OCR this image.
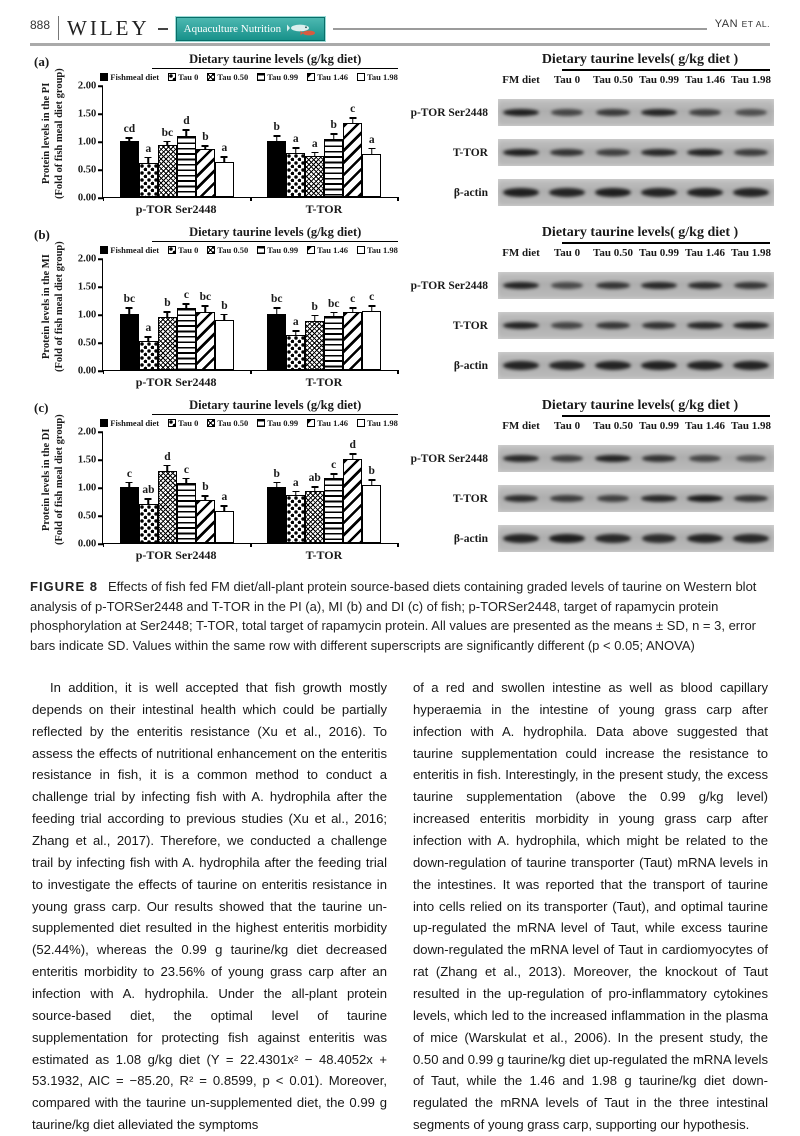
888 WILEY	Aquaculture Nutrition	YAN ET AL.
(a)
Protein levels in the PI (Fold of fish meal diet group)
Dietary taurine levels (g/kg diet)
Fishmeal diet Tau 0 Tau 0.50 Tau 0.99 Tau 1.46 Tau 1.98
0.00
0.50
1.00
1.50
2.00
cd
a
bc
d
b
a
b
a a
b
c
a
p-TOR Ser2448	T-TOR
Dietary taurine levels( g/kg diet )
FM diet	Tau 0	Tau 0.50 Tau 0.99 Tau 1.46 Tau 1.98
p-TOR Ser2448
T-TOR
β-actin
(b)
Protein levels in the MI (Fold of fish meal diet group)
Dietary taurine levels (g/kg diet)
Fishmeal diet Tau 0 Tau 0.50 Tau 0.99 Tau 1.46 Tau 1.98
0.00
0.50
1.00
1.50
2.00
bc
a
b
c bc
b
bc
a
b bc c c
p-TOR Ser2448	T-TOR
Dietary taurine levels( g/kg diet )
FM diet	Tau 0	Tau 0.50 Tau 0.99 Tau 1.46 Tau 1.98
p-TOR Ser2448
T-TOR
β-actin
(c)
Protein levels in the DI (Fold of fish meal diet group)
Dietary taurine levels (g/kg diet)
Fishmeal diet Tau 0 Tau 0.50 Tau 0.99 Tau 1.46 Tau 1.98
0.00
0.50
1.00
1.50
2.00
c
ab
d
c
b
a
b
a ab
c
d
b
p-TOR Ser2448	T-TOR
Dietary taurine levels( g/kg diet )
FM diet	Tau 0	Tau 0.50 Tau 0.99 Tau 1.46 Tau 1.98
p-TOR Ser2448
T-TOR
β-actin

FIGURE 8 Effects of fish fed FM diet/all-plant protein source-based diets containing graded levels of taurine on Western blot analysis of p-TORSer2448 and T-TOR in the PI (a), MI (b) and DI (c) of fish; p-TORSer2448, target of rapamycin protein phosphorylation at Ser2448; T-TOR, total target of rapamycin protein. All values are presented as the means ± SD, n = 3, error bars indicate SD. Values within the same row with different superscripts are significantly different (p < 0.05; ANOVA)

In addition, it is well accepted that fish growth mostly depends on their intestinal health which could be partially reflected by the enteritis resistance (Xu et al., 2016). To assess the effects of nutritional enhancement on the enteritis resistance in fish, it is a common method to conduct a challenge trial by infecting fish with A. hydrophila after the feeding trial according to previous studies (Xu et al., 2016; Zhang et al., 2017). Therefore, we conducted a challenge trail by infecting fish with A. hydrophila after the feeding trial to investigate the effects of taurine on enteritis resistance in young grass carp. Our results showed that the taurine un-supplemented diet resulted in the highest enteritis morbidity (52.44%), whereas the 0.99 g taurine/kg diet decreased enteritis morbidity to 23.56% of young grass carp after an infection with A. hydrophila. Under the all-plant protein source-based diet, the optimal level of taurine supplementation for protecting fish against enteritis was estimated as 1.08 g/kg diet (Y = 22.4301x² − 48.4052x + 53.1932, AIC = −85.20, R² = 0.8599, p < 0.01). Moreover, compared with the taurine un-supplemented diet, the 0.99 g taurine/kg diet alleviated the symptoms

of a red and swollen intestine as well as blood capillary hyperaemia in the intestine of young grass carp after infection with A. hydrophila. Data above suggested that taurine supplementation could increase the resistance to enteritis in fish. Interestingly, in the present study, the excess taurine supplementation (above the 0.99 g/kg level) increased enteritis morbidity in young grass carp after infection with A. hydrophila, which might be related to the down-regulation of taurine transporter (Taut) mRNA levels in the intestines. It was reported that the transport of taurine into cells relied on its transporter (Taut), and optimal taurine up-regulated the mRNA level of Taut, while excess taurine down-regulated the mRNA level of Taut in cardiomyocytes of rat (Zhang et al., 2013). Moreover, the knockout of Taut resulted in the up-regulation of pro-inflammatory cytokines levels, which led to the increased inflammation in the plasma of mice (Warskulat et al., 2006). In the present study, the 0.50 and 0.99 g taurine/kg diet up-regulated the mRNA levels of Taut, while the 1.46 and 1.98 g taurine/kg diet down-regulated the mRNA levels of Taut in the three intestinal segments of young grass carp, supporting our hypothesis.
